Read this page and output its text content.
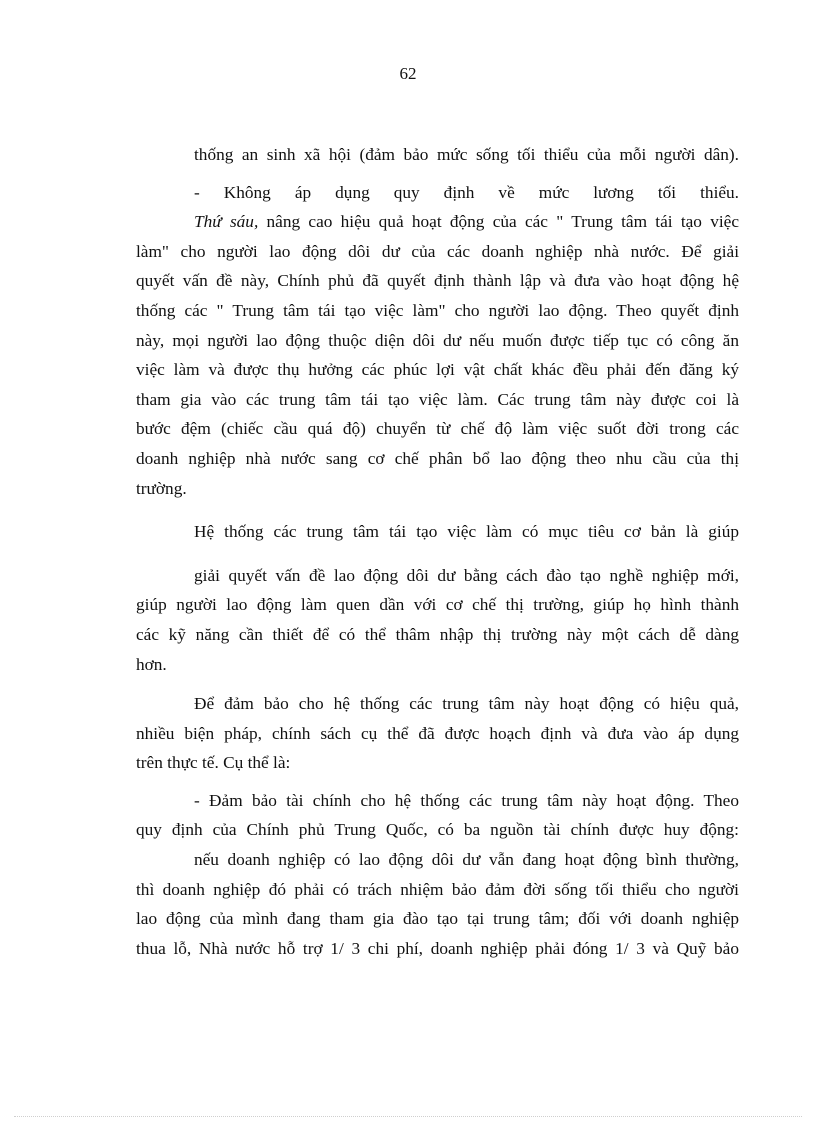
62
thống an sinh xã hội (đảm bảo mức sống tối thiểu của mỗi người dân).
- Không áp dụng quy định về mức lương tối thiểu.
Thứ sáu, nâng cao hiệu quả hoạt động của các " Trung tâm tái tạo việc
làm" cho người lao động dôi dư của các doanh nghiệp nhà nước. Để giải
quyết vấn đề này, Chính phủ đã quyết định thành lập và đưa vào hoạt động hệ
thống các " Trung tâm tái tạo việc làm" cho người lao động. Theo quyết định
này, mọi người lao động thuộc diện dôi dư nếu muốn được tiếp tục có công ăn
việc làm và được thụ hưởng các phúc lợi vật chất khác đều phải đến đăng ký
tham gia vào các trung tâm tái tạo việc làm. Các trung tâm này được coi là
bước đệm (chiếc cầu quá độ) chuyển từ chế độ làm việc suốt đời trong các
doanh nghiệp nhà nước sang cơ chế phân bổ lao động theo nhu cầu của thị
trường.
Hệ thống các trung tâm tái tạo việc làm có mục tiêu cơ bản là giúp
giải quyết vấn đề lao động dôi dư bằng cách đào tạo nghề nghiệp mới,
giúp người lao động làm quen dần với cơ chế thị trường, giúp họ hình thành
các kỹ năng cần thiết để có thể thâm nhập thị trường này một cách dễ dàng
hơn.
Để đảm bảo cho hệ thống các trung tâm này hoạt động có hiệu quả,
nhiều biện pháp, chính sách cụ thể đã được hoạch định và đưa vào áp dụng
trên thực tế. Cụ thể là:
- Đảm bảo tài chính cho hệ thống các trung tâm này hoạt động. Theo
quy định của Chính phủ Trung Quốc, có ba nguồn tài chính được huy động:
nếu doanh nghiệp có lao động dôi dư vẫn đang hoạt động bình thường,
thì doanh nghiệp đó phải có trách nhiệm bảo đảm đời sống tối thiểu cho người
lao động của mình đang tham gia đào tạo tại trung tâm; đối với doanh nghiệp
thua lỗ, Nhà nước hỗ trợ 1/ 3 chi phí, doanh nghiệp phải đóng 1/ 3 và Quỹ bảo
